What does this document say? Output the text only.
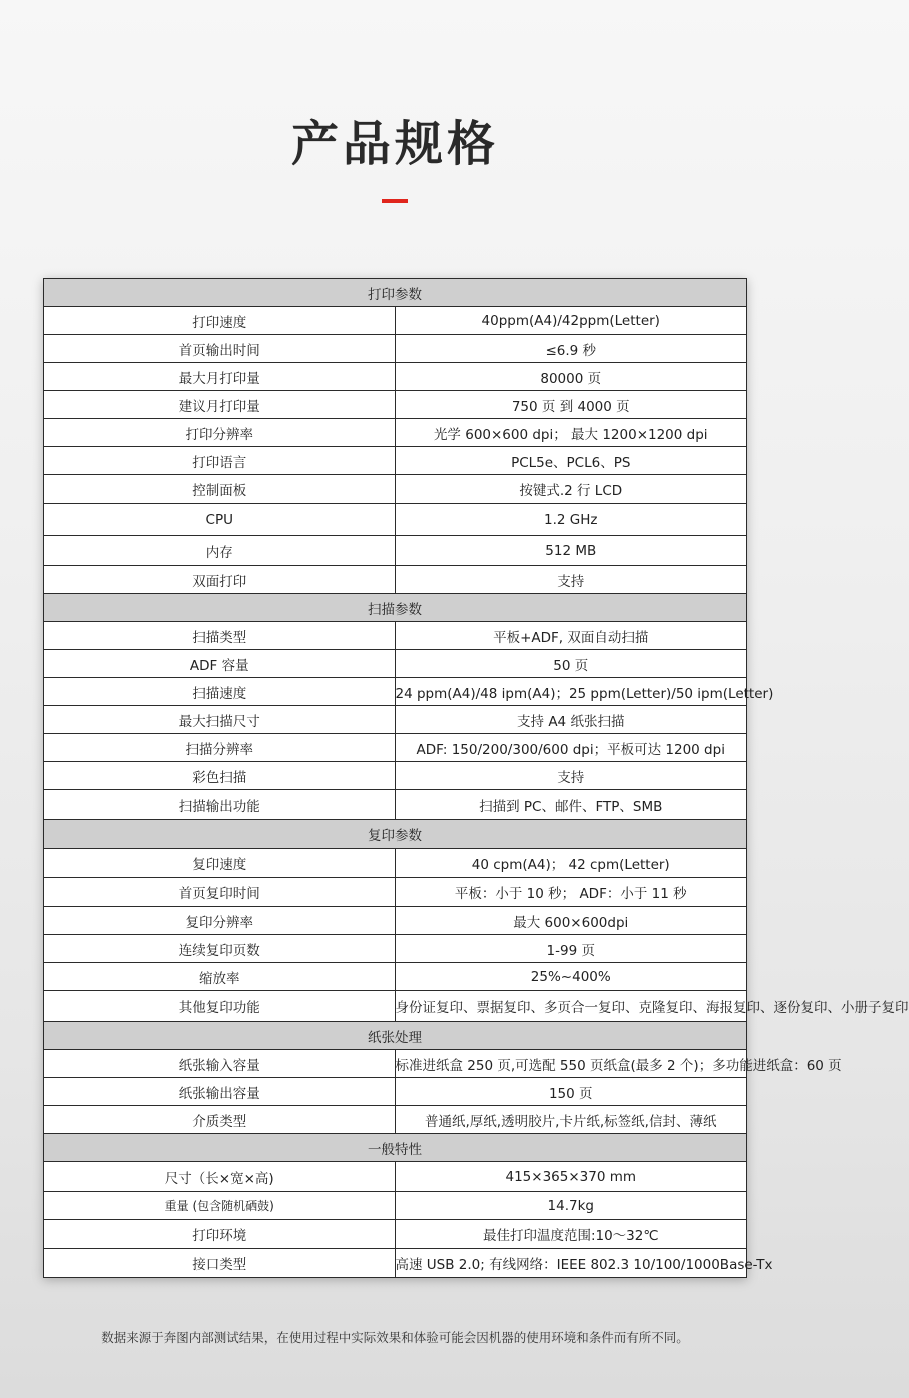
产品规格
打印参数	
打印速度	40ppm(A4)/42ppm(Letter)
首页输出时间	≤6.9 秒
最大月打印量	80000 页
建议月打印量	750 页 到 4000 页
打印分辨率	光学 600×600 dpi； 最大 1200×1200 dpi
打印语言	PCL5e、PCL6、PS
控制面板	按键式.2 行 LCD
CPU	1.2 GHz
内存	512 MB
双面打印	支持
扫描参数	
扫描类型	平板+ADF, 双面自动扫描
ADF 容量	50 页
扫描速度	24 ppm(A4)/48 ipm(A4)；25 ppm(Letter)/50 ipm(Letter)
最大扫描尺寸	支持 A4 纸张扫描
扫描分辨率	ADF: 150/200/300/600 dpi；平板可达 1200 dpi
彩色扫描	支持
扫描输出功能	扫描到 PC、邮件、FTP、SMB
复印参数	
复印速度	40 cpm(A4)； 42 cpm(Letter)
首页复印时间	平板：小于 10 秒； ADF：小于 11 秒
复印分辨率	最大 600×600dpi
连续复印页数	1-99 页
缩放率	25%~400%
其他复印功能	身份证复印、票据复印、多页合一复印、克隆复印、海报复印、逐份复印、小册子复印
纸张处理	
纸张输入容量	标准进纸盒 250 页,可选配 550 页纸盒(最多 2 个)；多功能进纸盒：60 页
纸张输出容量	150 页
介质类型	普通纸,厚纸,透明胶片,卡片纸,标签纸,信封、薄纸
一般特性	
尺寸（长×宽×高)	415×365×370 mm
重量 (包含随机硒鼓)	14.7kg
打印环境	最佳打印温度范围:10～32℃
接口类型	高速 USB 2.0; 有线网络：IEEE 802.3 10/100/1000Base-Tx
数据来源于奔图内部测试结果，在使用过程中实际效果和体验可能会因机器的使用环境和条件而有所不同。
